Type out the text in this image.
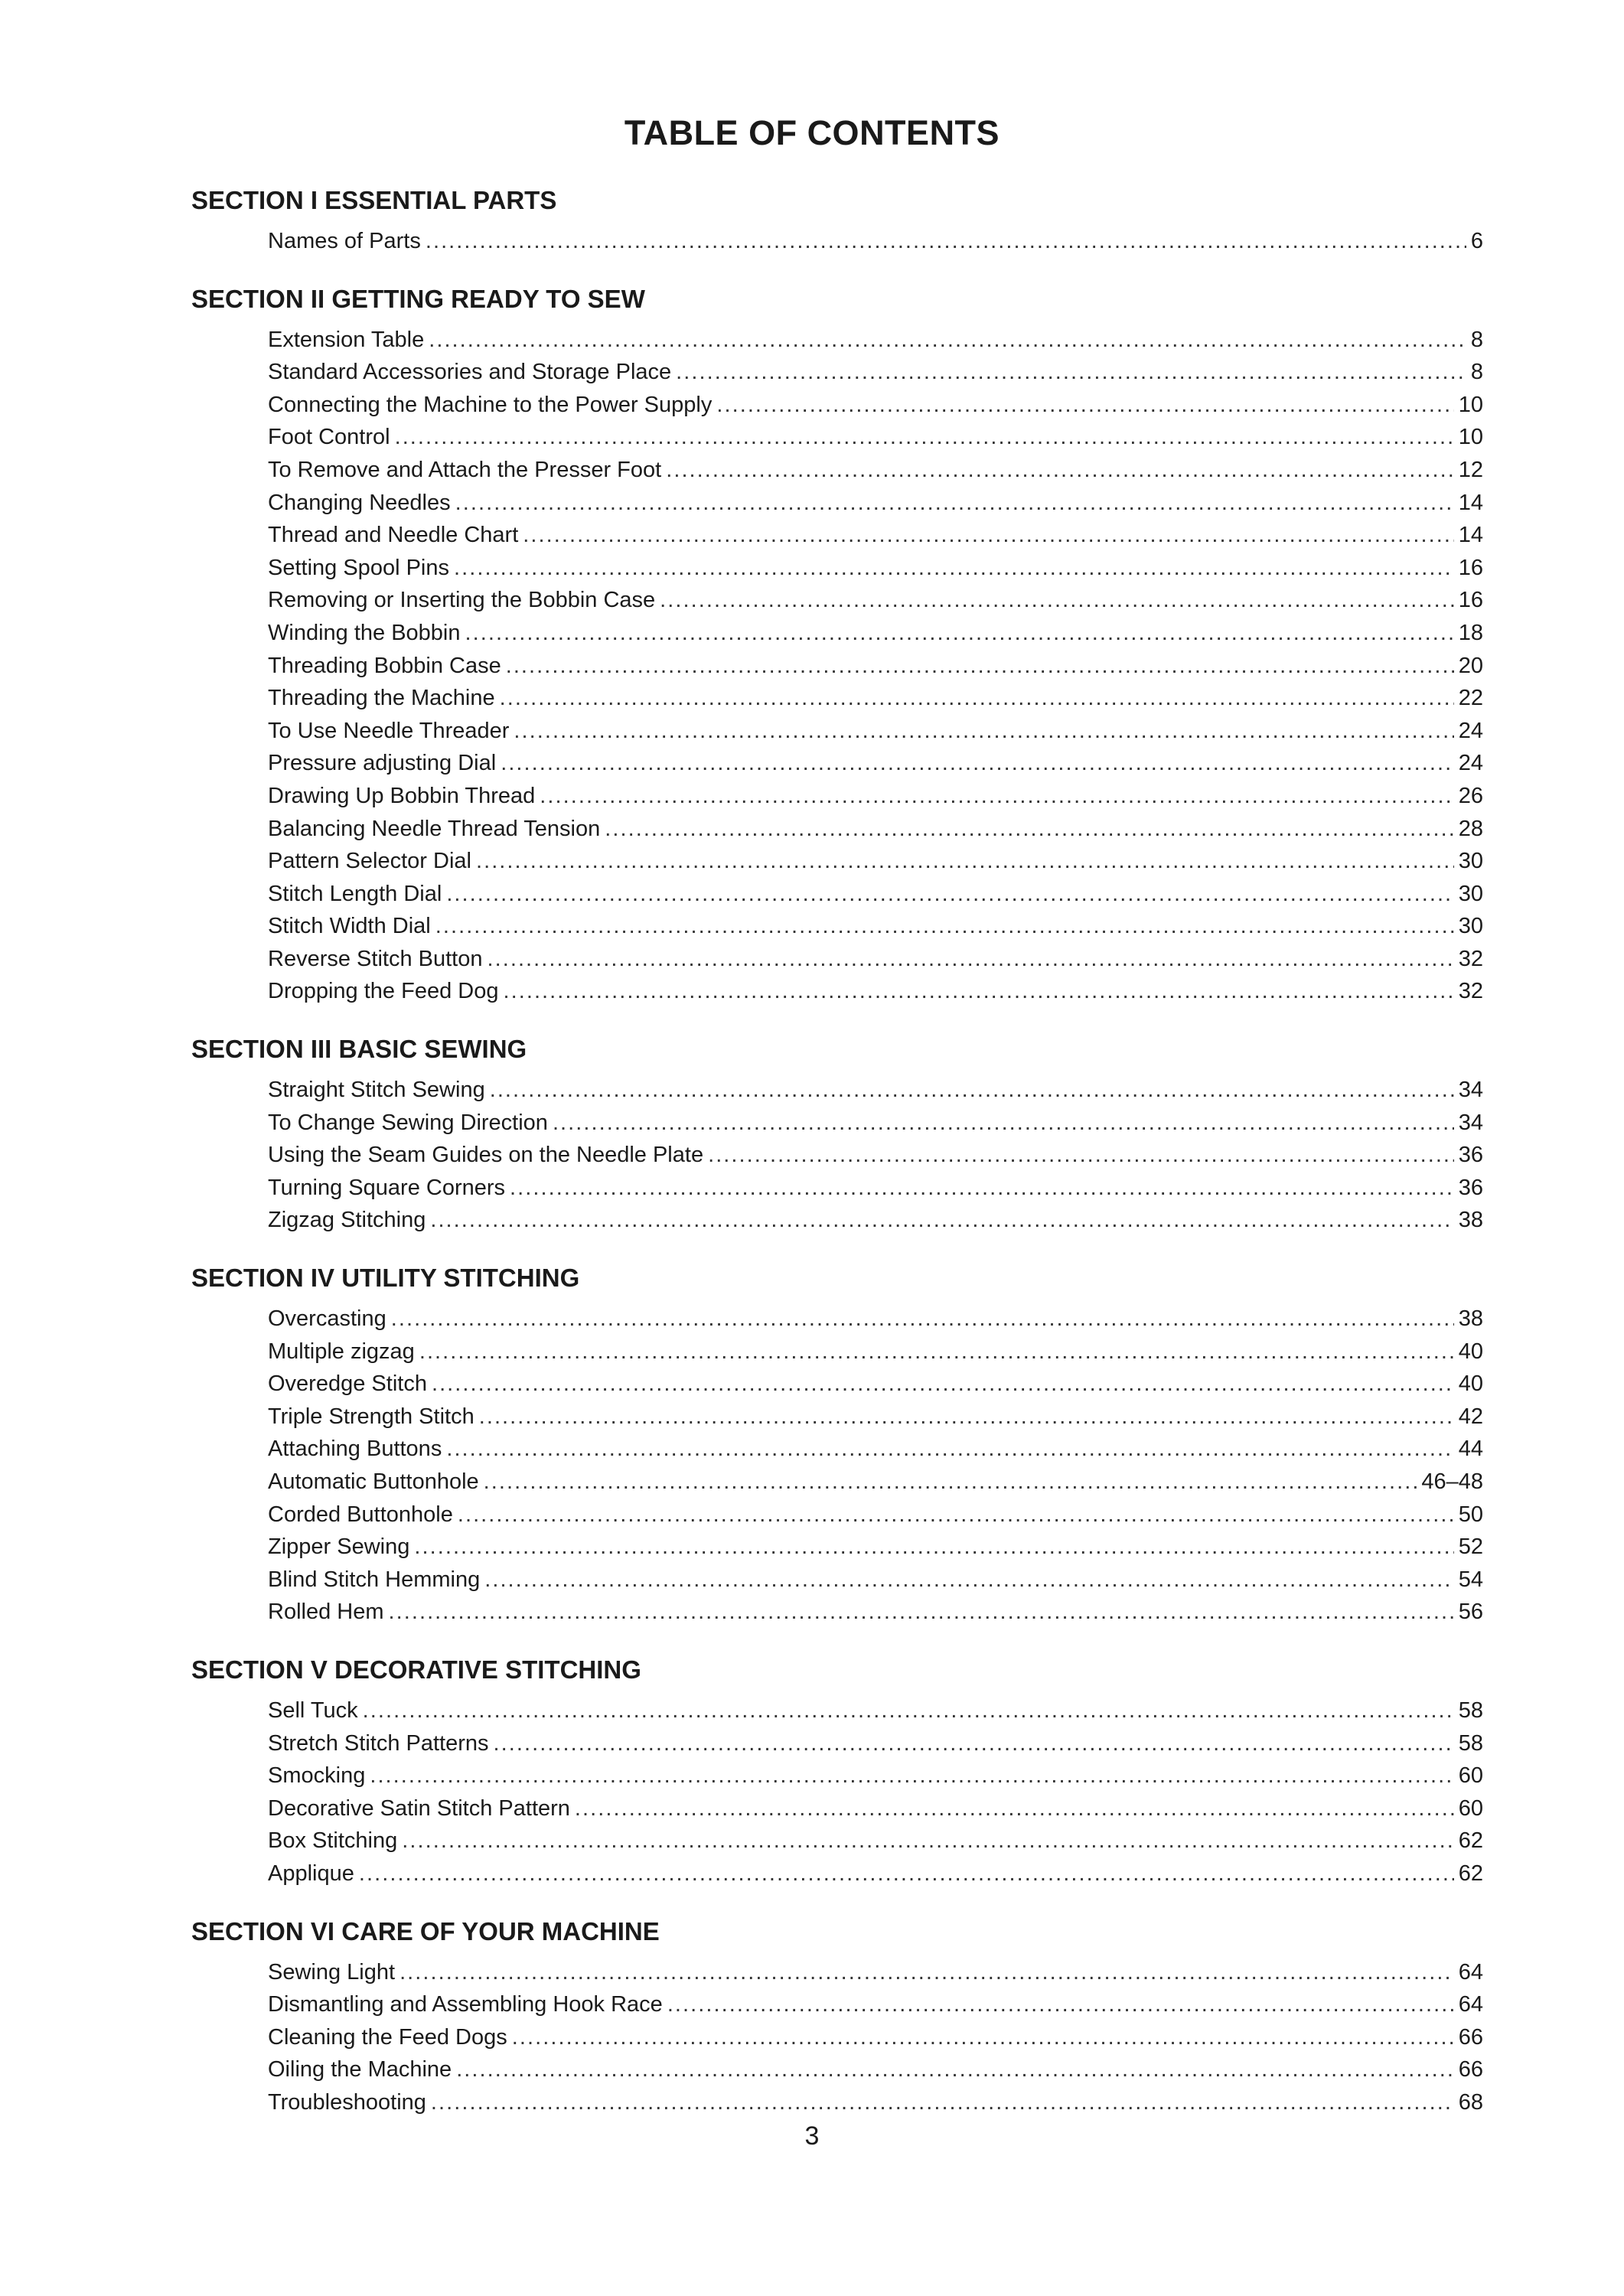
TABLE OF CONTENTS
SECTION I ESSENTIAL PARTS
Names of Parts . . .	6
SECTION II GETTING READY TO SEW
Extension Table . . .	8
Standard Accessories and Storage Place . . .	8
Connecting the Machine to the Power Supply . . .	10
Foot Control . . .	10
To Remove and Attach the Presser Foot . . .	12
Changing Needles . . .	14
Thread and Needle Chart . . .	14
Setting Spool Pins . . .	16
Removing or Inserting the Bobbin Case . . .	16
Winding the Bobbin . . .	18
Threading Bobbin Case . . .	20
Threading the Machine . . .	22
To Use Needle Threader . . .	24
Pressure adjusting Dial . . .	24
Drawing Up Bobbin Thread . . .	26
Balancing Needle Thread Tension . . .	28
Pattern Selector Dial . . .	30
Stitch Length Dial . . .	30
Stitch Width Dial . . .	30
Reverse Stitch Button . . .	32
Dropping the Feed Dog . . .	32
SECTION III BASIC SEWING
Straight Stitch Sewing . . .	34
To Change Sewing Direction . . .	34
Using the Seam Guides on the Needle Plate . . .	36
Turning Square Corners . . .	36
Zigzag Stitching . . .	38
SECTION IV UTILITY STITCHING
Overcasting . . .	38
Multiple zigzag . . .	40
Overedge Stitch . . .	40
Triple Strength Stitch . . .	42
Attaching Buttons . . .	44
Automatic Buttonhole . . .	46–48
Corded Buttonhole . . .	50
Zipper Sewing . . .	52
Blind Stitch Hemming . . .	54
Rolled Hem . . .	56
SECTION V DECORATIVE STITCHING
Sell Tuck . . .	58
Stretch Stitch Patterns . . .	58
Smocking . . .	60
Decorative Satin Stitch Pattern . . .	60
Box Stitching . . .	62
Applique . . .	62
SECTION VI CARE OF YOUR MACHINE
Sewing Light . . .	64
Dismantling and Assembling Hook Race . . .	64
Cleaning the Feed Dogs . . .	66
Oiling the Machine . . .	66
Troubleshooting . . .	68
3
